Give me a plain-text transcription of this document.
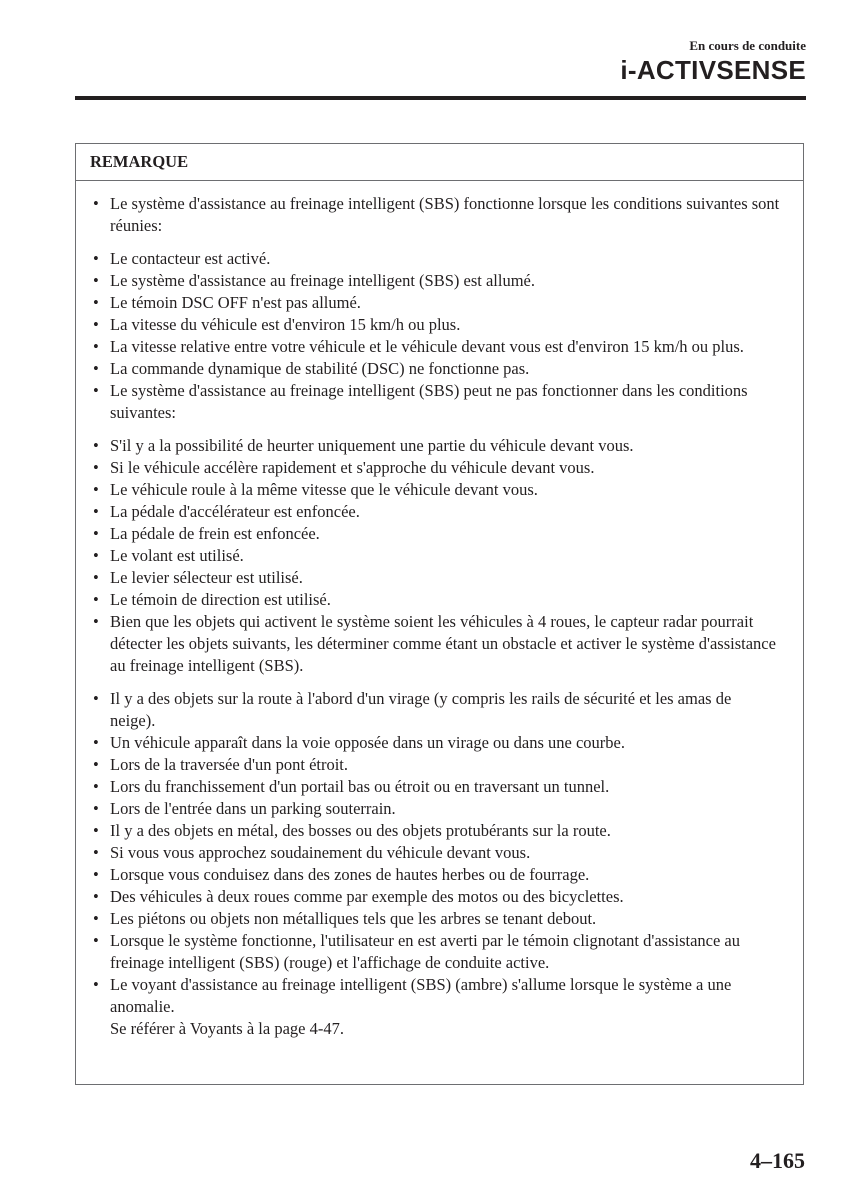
En cours de conduite
i-ACTIVSENSE
REMARQUE
• Le système d'assistance au freinage intelligent (SBS) fonctionne lorsque les conditions suivantes sont réunies:
• Le contacteur est activé.
• Le système d'assistance au freinage intelligent (SBS) est allumé.
• Le témoin DSC OFF n'est pas allumé.
• La vitesse du véhicule est d'environ 15 km/h ou plus.
• La vitesse relative entre votre véhicule et le véhicule devant vous est d'environ 15 km/h ou plus.
• La commande dynamique de stabilité (DSC) ne fonctionne pas.
• Le système d'assistance au freinage intelligent (SBS) peut ne pas fonctionner dans les conditions suivantes:
• S'il y a la possibilité de heurter uniquement une partie du véhicule devant vous.
• Si le véhicule accélère rapidement et s'approche du véhicule devant vous.
• Le véhicule roule à la même vitesse que le véhicule devant vous.
• La pédale d'accélérateur est enfoncée.
• La pédale de frein est enfoncée.
• Le volant est utilisé.
• Le levier sélecteur est utilisé.
• Le témoin de direction est utilisé.
• Bien que les objets qui activent le système soient les véhicules à 4 roues, le capteur radar pourrait détecter les objets suivants, les déterminer comme étant un obstacle et activer le système d'assistance au freinage intelligent (SBS).
• Il y a des objets sur la route à l'abord d'un virage (y compris les rails de sécurité et les amas de neige).
• Un véhicule apparaît dans la voie opposée dans un virage ou dans une courbe.
• Lors de la traversée d'un pont étroit.
• Lors du franchissement d'un portail bas ou étroit ou en traversant un tunnel.
• Lors de l'entrée dans un parking souterrain.
• Il y a des objets en métal, des bosses ou des objets protubérants sur la route.
• Si vous vous approchez soudainement du véhicule devant vous.
• Lorsque vous conduisez dans des zones de hautes herbes ou de fourrage.
• Des véhicules à deux roues comme par exemple des motos ou des bicyclettes.
• Les piétons ou objets non métalliques tels que les arbres se tenant debout.
• Lorsque le système fonctionne, l'utilisateur en est averti par le témoin clignotant d'assistance au freinage intelligent (SBS) (rouge) et l'affichage de conduite active.
• Le voyant d'assistance au freinage intelligent (SBS) (ambre) s'allume lorsque le système a une anomalie.
Se référer à Voyants à la page 4-47.
4–165
